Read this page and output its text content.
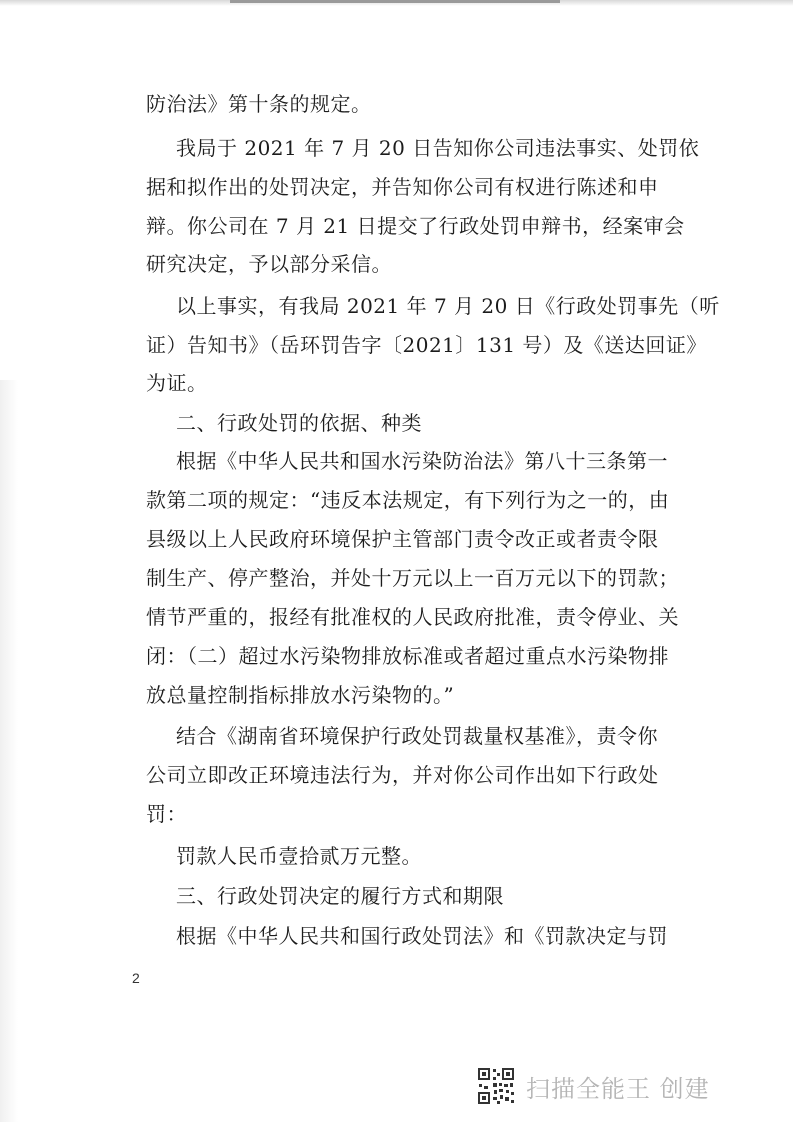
防治法》第十条的规定。
我局于 2021 年 7 月 20 日告知你公司违法事实、处罚依
据和拟作出的处罚决定，并告知你公司有权进行陈述和申
辩。你公司在 7 月 21 日提交了行政处罚申辩书，经案审会
研究决定，予以部分采信。
以上事实，有我局 2021 年 7 月 20 日《行政处罚事先（听
证）告知书》（岳环罚告字〔2021〕131 号）及《送达回证》
为证。
二、行政处罚的依据、种类
根据《中华人民共和国水污染防治法》第八十三条第一
款第二项的规定：“违反本法规定，有下列行为之一的，由
县级以上人民政府环境保护主管部门责令改正或者责令限
制生产、停产整治，并处十万元以上一百万元以下的罚款；
情节严重的，报经有批准权的人民政府批准，责令停业、关
闭：（二）超过水污染物排放标准或者超过重点水污染物排
放总量控制指标排放水污染物的。”
结合《湖南省环境保护行政处罚裁量权基准》，责令你
公司立即改正环境违法行为，并对你公司作出如下行政处
罚：
罚款人民币壹拾贰万元整。
三、行政处罚决定的履行方式和期限
根据《中华人民共和国行政处罚法》和《罚款决定与罚
2
扫描全能王 创建
